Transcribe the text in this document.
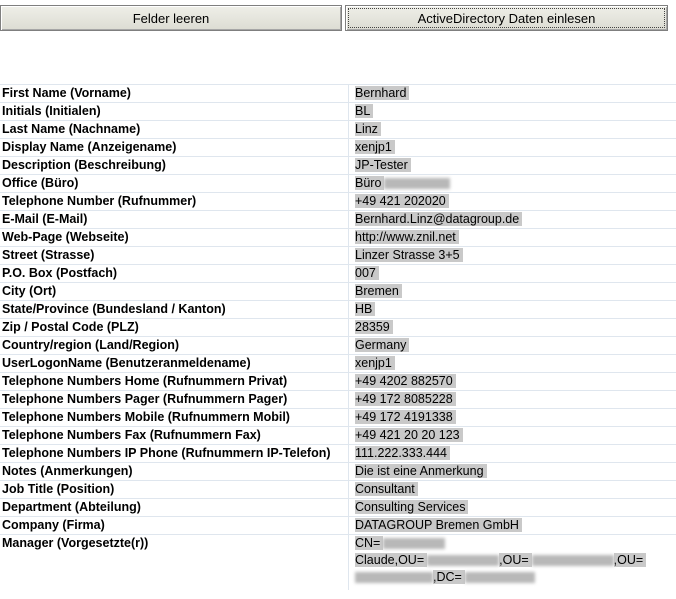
Felder leeren	ActiveDirectory Daten einlesen
First Name (Vorname)	Bernhard
Initials (Initialen)	BL
Last Name (Nachname)	Linz
Display Name (Anzeigename)	xenjp1
Description (Beschreibung)	JP-Tester
Office (Büro)	Büro
Telephone Number (Rufnummer)	+49 421 202020
E-Mail (E-Mail)	Bernhard.Linz@datagroup.de
Web-Page (Webseite)	http://www.znil.net
Street (Strasse)	Linzer Strasse 3+5
P.O. Box (Postfach)	007
City (Ort)	Bremen
State/Province (Bundesland / Kanton)	HB
Zip / Postal Code (PLZ)	28359
Country/region (Land/Region)	Germany
UserLogonName (Benutzeranmeldename)	xenjp1
Telephone Numbers Home (Rufnummern Privat)	+49 4202 882570
Telephone Numbers Pager (Rufnummern Pager)	+49 172 8085228
Telephone Numbers Mobile (Rufnummern Mobil)	+49 172 4191338
Telephone Numbers Fax (Rufnummern Fax)	+49 421 20 20 123
Telephone Numbers IP Phone (Rufnummern IP-Telefon)	111.222.333.444
Notes (Anmerkungen)	Die ist eine Anmerkung
Job Title (Position)	Consultant
Department (Abteilung)	Consulting Services
Company (Firma)	DATAGROUP Bremen GmbH
Manager (Vorgesetzte(r))	CN=
Claude,OU= ,OU= ,OU=
,DC=
